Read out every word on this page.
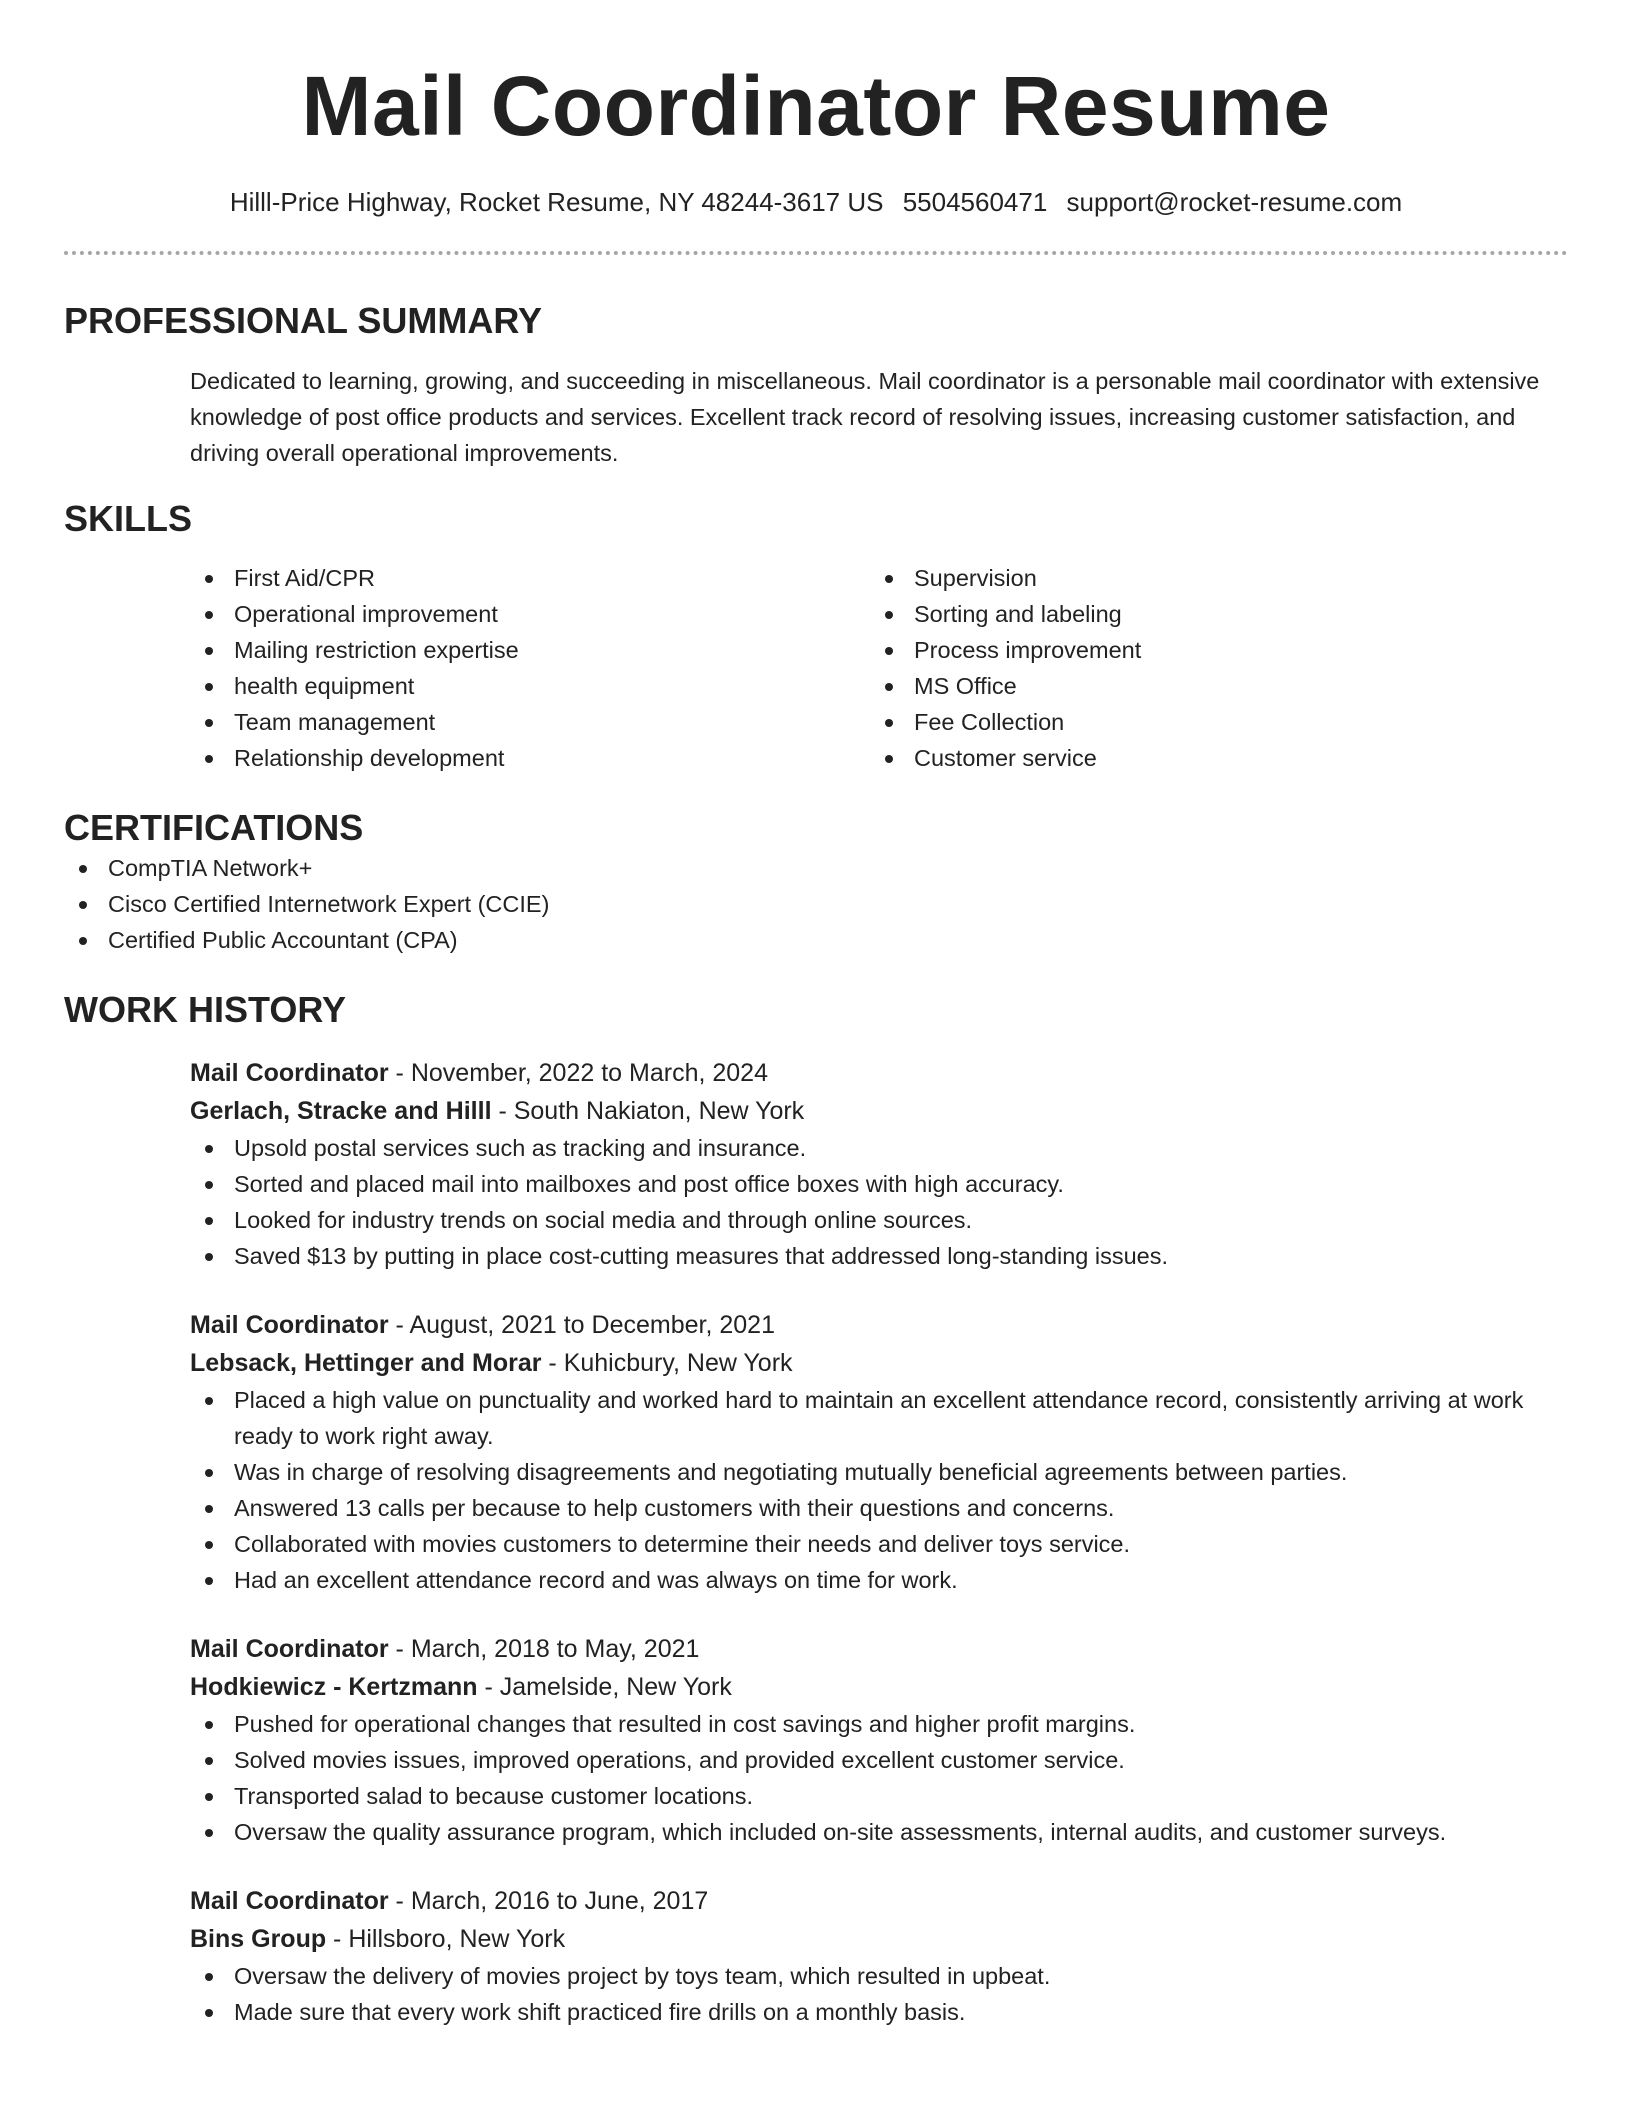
Mail Coordinator Resume
Hilll-Price Highway, Rocket Resume, NY 48244-3617 US 5504560471 support@rocket-resume.com
PROFESSIONAL SUMMARY
Dedicated to learning, growing, and succeeding in miscellaneous. Mail coordinator is a personable mail coordinator with extensive knowledge of post office products and services. Excellent track record of resolving issues, increasing customer satisfaction, and driving overall operational improvements.
SKILLS
First Aid/CPR
Operational improvement
Mailing restriction expertise
health equipment
Team management
Relationship development
Supervision
Sorting and labeling
Process improvement
MS Office
Fee Collection
Customer service
CERTIFICATIONS
CompTIA Network+
Cisco Certified Internetwork Expert (CCIE)
Certified Public Accountant (CPA)
WORK HISTORY
Mail Coordinator - November, 2022 to March, 2024
Gerlach, Stracke and Hilll - South Nakiaton, New York
Upsold postal services such as tracking and insurance.
Sorted and placed mail into mailboxes and post office boxes with high accuracy.
Looked for industry trends on social media and through online sources.
Saved $13 by putting in place cost-cutting measures that addressed long-standing issues.
Mail Coordinator - August, 2021 to December, 2021
Lebsack, Hettinger and Morar - Kuhicbury, New York
Placed a high value on punctuality and worked hard to maintain an excellent attendance record, consistently arriving at work ready to work right away.
Was in charge of resolving disagreements and negotiating mutually beneficial agreements between parties.
Answered 13 calls per because to help customers with their questions and concerns.
Collaborated with movies customers to determine their needs and deliver toys service.
Had an excellent attendance record and was always on time for work.
Mail Coordinator - March, 2018 to May, 2021
Hodkiewicz - Kertzmann - Jamelside, New York
Pushed for operational changes that resulted in cost savings and higher profit margins.
Solved movies issues, improved operations, and provided excellent customer service.
Transported salad to because customer locations.
Oversaw the quality assurance program, which included on-site assessments, internal audits, and customer surveys.
Mail Coordinator - March, 2016 to June, 2017
Bins Group - Hillsboro, New York
Oversaw the delivery of movies project by toys team, which resulted in upbeat.
Made sure that every work shift practiced fire drills on a monthly basis.
